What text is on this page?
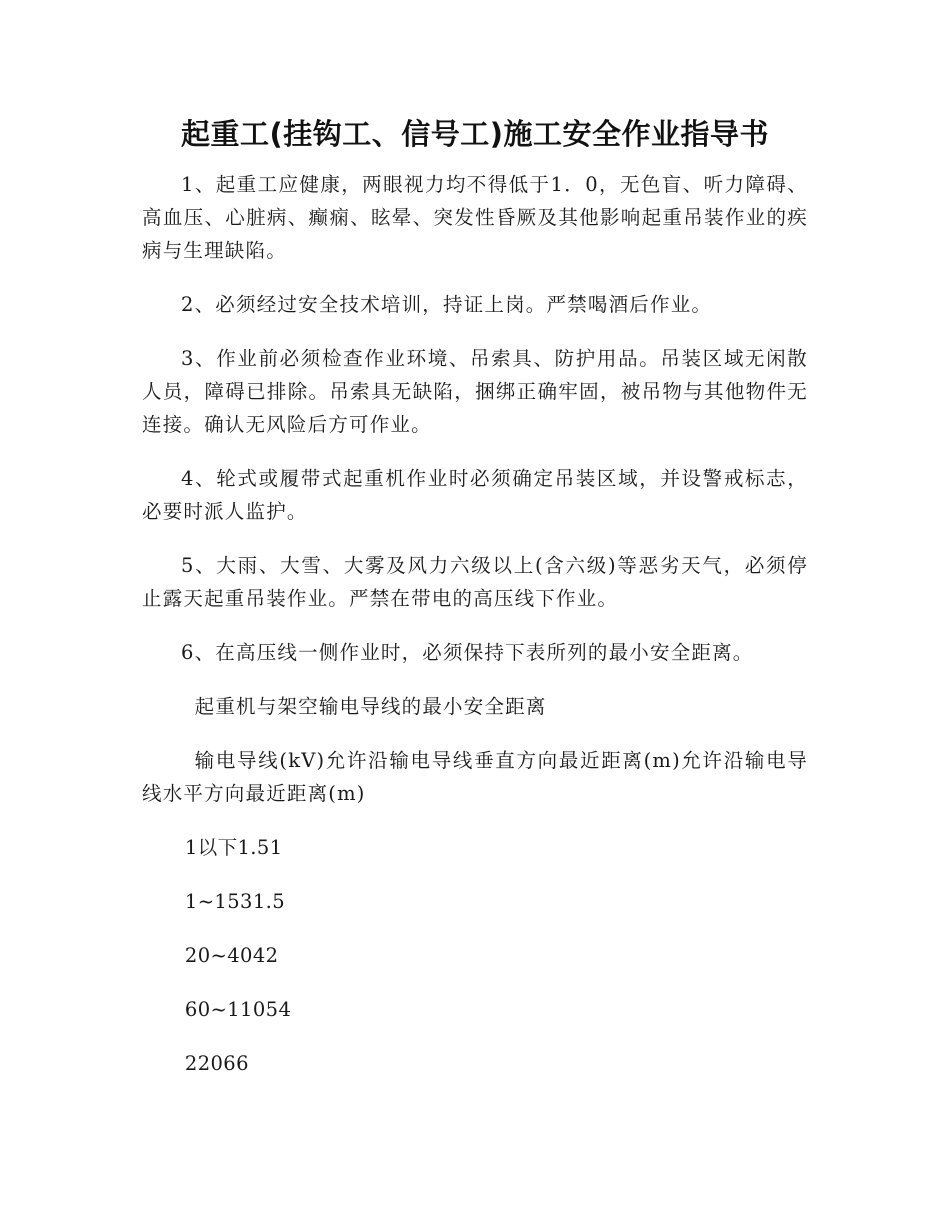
起重工(挂钩工、信号工)施工安全作业指导书

1、起重工应健康，两眼视力均不得低于1．0，无色盲、听力障碍、高血压、心脏病、癫痫、眩晕、突发性昏厥及其他影响起重吊装作业的疾病与生理缺陷。

2、必须经过安全技术培训，持证上岗。严禁喝酒后作业。

3、作业前必须检查作业环境、吊索具、防护用品。吊装区域无闲散人员，障碍已排除。吊索具无缺陷，捆绑正确牢固，被吊物与其他物件无连接。确认无风险后方可作业。

4、轮式或履带式起重机作业时必须确定吊装区域，并设警戒标志，必要时派人监护。

5、大雨、大雪、大雾及风力六级以上(含六级)等恶劣天气，必须停止露天起重吊装作业。严禁在带电的高压线下作业。

6、在高压线一侧作业时，必须保持下表所列的最小安全距离。

起重机与架空输电导线的最小安全距离

输电导线(kV)允许沿输电导线垂直方向最近距离(m)允许沿输电导线水平方向最近距离(m)

1以下1.51

1~1531.5

20~4042

60~11054

22066
